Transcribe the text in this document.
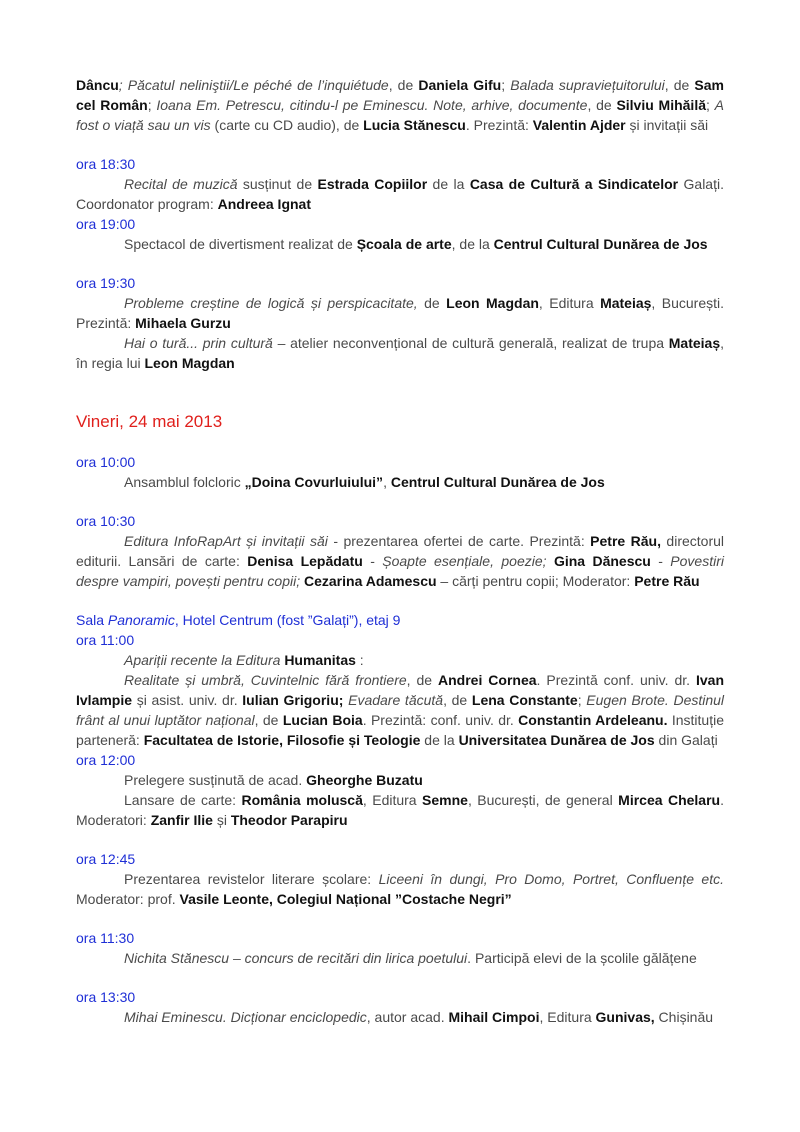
Dâncu; Păcatul neliniştii/Le péché de l’inquiétude, de Daniela Gifu; Balada supraviețuitorului, de Sam cel Român; Ioana Em. Petrescu, citindu-l pe Eminescu. Note, arhive, documente, de Silviu Mihăilă; A fost o viață sau un vis (carte cu CD audio), de Lucia Stănescu. Prezintă: Valentin Ajder și invitații săi

ora 18:30

Recital de muzică susținut de Estrada Copiilor de la Casa de Cultură a Sindicatelor Galați. Coordonator program: Andreea Ignat

ora 19:00

Spectacol de divertisment realizat de Școala de arte, de la Centrul Cultural Dunărea de Jos

ora 19:30

Probleme creștine de logică și perspicacitate, de Leon Magdan, Editura Mateiaș, București. Prezintă: Mihaela Gurzu

Hai o tură... prin cultură – atelier neconvențional de cultură generală, realizat de trupa Mateiaș, în regia lui Leon Magdan

Vineri, 24 mai 2013

ora 10:00

Ansamblul folcloric „Doina Covurluiului”, Centrul Cultural Dunărea de Jos

ora 10:30

Editura InfoRapArt și invitații săi - prezentarea ofertei de carte. Prezintă: Petre Rău, directorul editurii. Lansări de carte: Denisa Lepădatu - Șoapte esențiale, poezie; Gina Dănescu - Povestiri despre vampiri, povești pentru copii; Cezarina Adamescu – cărți pentru copii; Moderator: Petre Rău

Sala Panoramic, Hotel Centrum (fost ”Galați”), etaj 9

ora 11:00

Apariții recente la Editura Humanitas :

Realitate și umbră, Cuvintelnic fără frontiere, de Andrei Cornea. Prezintă conf. univ. dr. Ivan Ivlampie și asist. univ. dr. Iulian Grigoriu; Evadare tăcută, de Lena Constante; Eugen Brote. Destinul frânt al unui luptător național, de Lucian Boia. Prezintă: conf. univ. dr. Constantin Ardeleanu. Instituție parteneră: Facultatea de Istorie, Filosofie și Teologie de la Universitatea Dunărea de Jos din Galați

ora 12:00

Prelegere susținută de acad. Gheorghe Buzatu

Lansare de carte: România moluscă, Editura Semne, București, de general Mircea Chelaru. Moderatori: Zanfir Ilie și Theodor Parapiru

ora 12:45

Prezentarea revistelor literare școlare: Liceeni în dungi, Pro Domo, Portret, Confluențe etc. Moderator: prof. Vasile Leonte, Colegiul Național ”Costache Negri”

ora 11:30

Nichita Stănescu – concurs de recitări din lirica poetului. Participă elevi de la școlile gălățene

ora 13:30

Mihai Eminescu. Dicționar enciclopedic, autor acad. Mihail Cimpoi, Editura Gunivas, Chișinău
